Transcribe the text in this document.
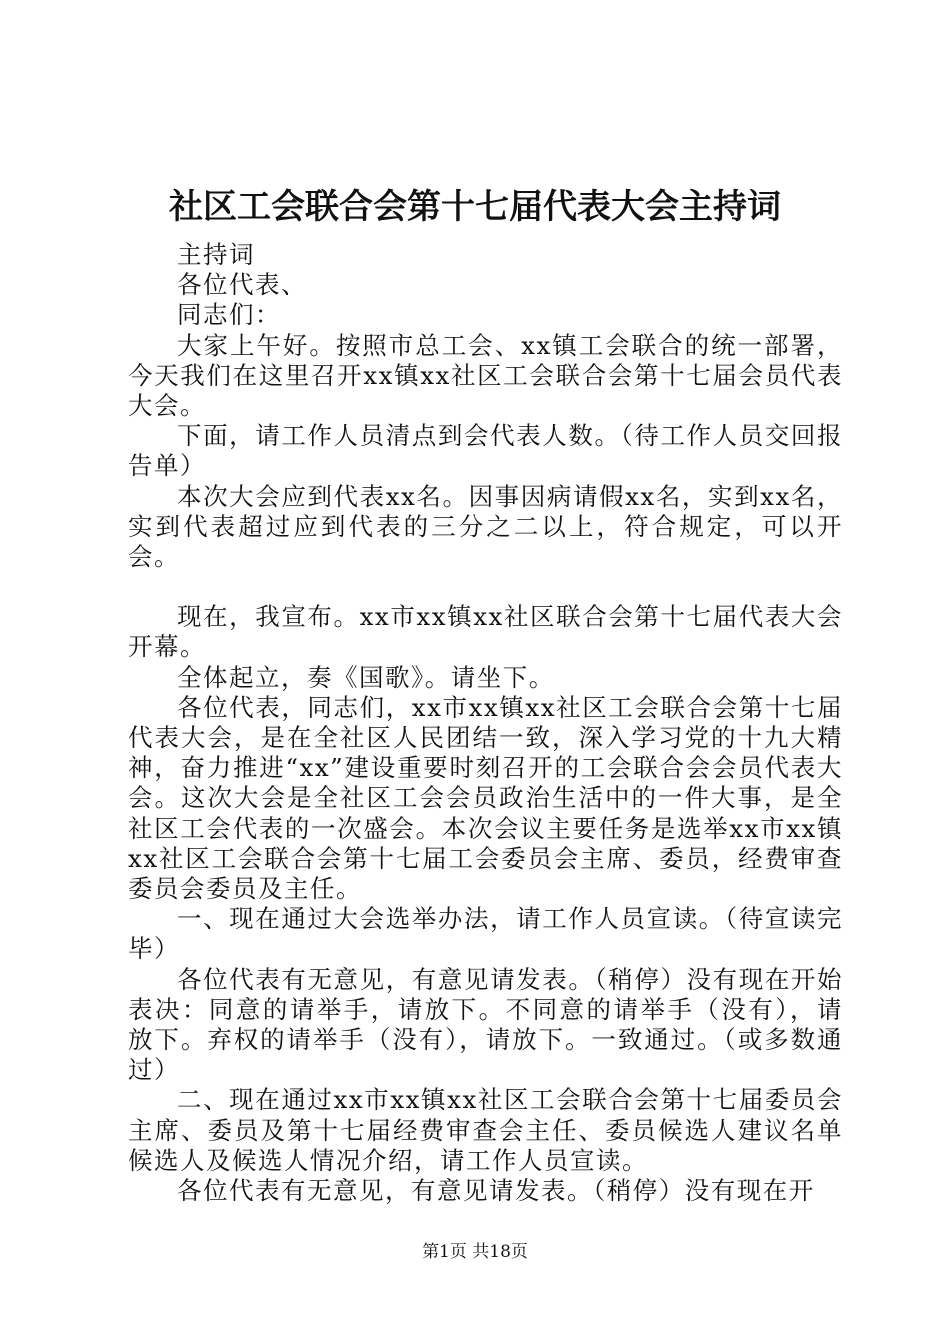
社区工会联合会第十七届代表大会主持词

主持词

各位代表、

同志们：

大家上午好。按照市总工会、xx镇工会联合的统一部署，今天我们在这里召开xx镇xx社区工会联合会第十七届会员代表大会。

下面，请工作人员清点到会代表人数。（待工作人员交回报告单）

本次大会应到代表xx名。因事因病请假xx名，实到xx名，实到代表超过应到代表的三分之二以上，符合规定，可以开会。

现在，我宣布。xx市xx镇xx社区联合会第十七届代表大会开幕。

全体起立，奏《国歌》。请坐下。

各位代表，同志们，xx市xx镇xx社区工会联合会第十七届代表大会，是在全社区人民团结一致，深入学习党的十九大精神，奋力推进“xx”建设重要时刻召开的工会联合会会员代表大会。这次大会是全社区工会会员政治生活中的一件大事，是全社区工会代表的一次盛会。本次会议主要任务是选举xx市xx镇xx社区工会联合会第十七届工会委员会主席、委员，经费审查委员会委员及主任。

一、现在通过大会选举办法，请工作人员宣读。（待宣读完毕）

各位代表有无意见，有意见请发表。（稍停）没有现在开始表决：同意的请举手，请放下。不同意的请举手（没有），请放下。弃权的请举手（没有），请放下。一致通过。（或多数通过）

二、现在通过xx市xx镇xx社区工会联合会第十七届委员会主席、委员及第十七届经费审查会主任、委员候选人建议名单候选人及候选人情况介绍，请工作人员宣读。

各位代表有无意见，有意见请发表。（稍停）没有现在开

第1页 共18页
